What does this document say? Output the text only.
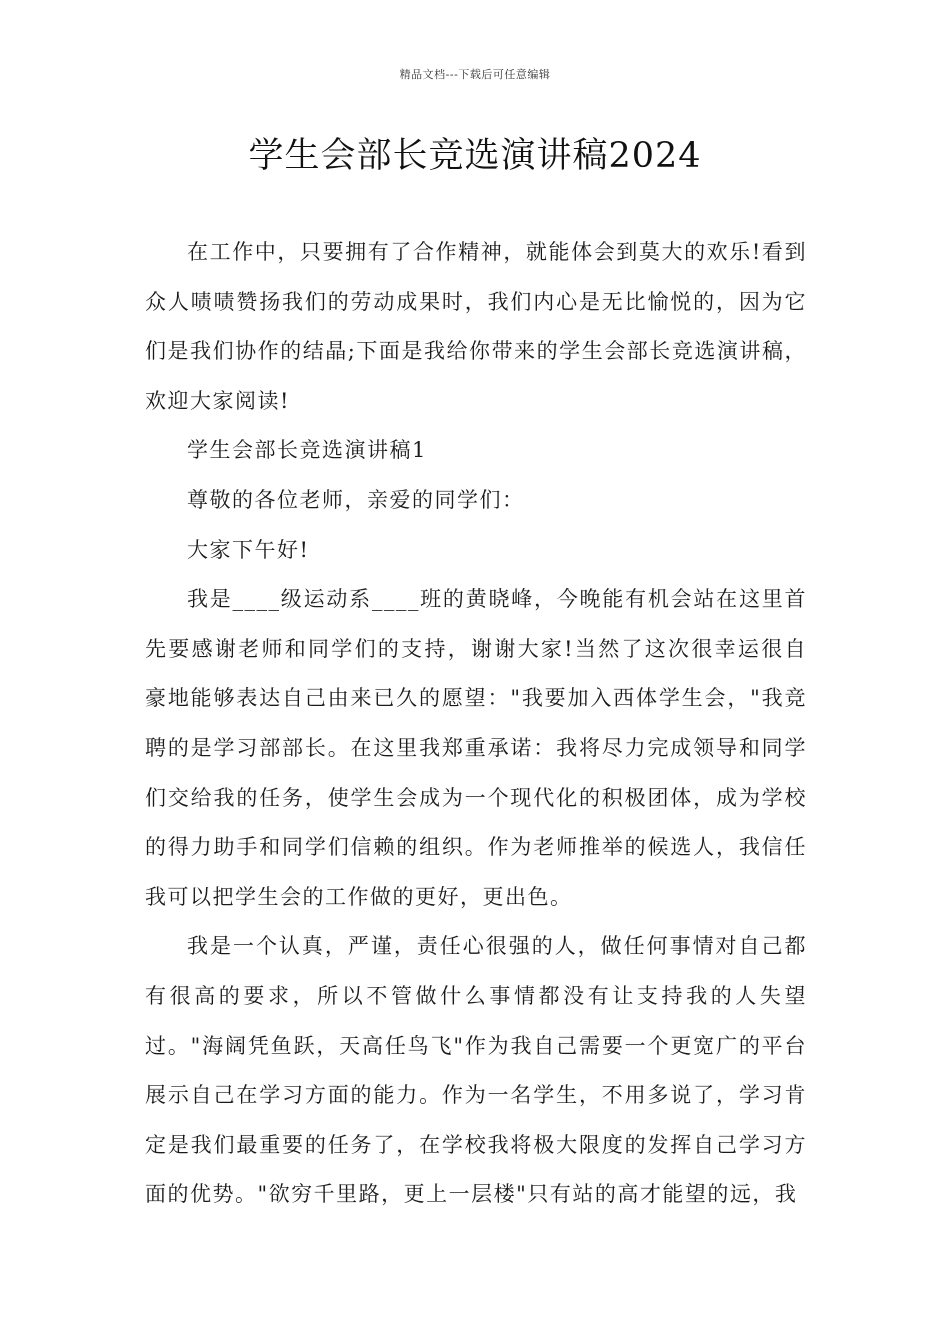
精品文档---下载后可任意编辑
学生会部长竞选演讲稿2024

在工作中，只要拥有了合作精神，就能体会到莫大的欢乐!看到众人啧啧赞扬我们的劳动成果时，我们内心是无比愉悦的，因为它们是我们协作的结晶;下面是我给你带来的学生会部长竞选演讲稿，欢迎大家阅读!

学生会部长竞选演讲稿1

尊敬的各位老师，亲爱的同学们：

大家下午好!

我是____级运动系____班的黄晓峰，今晚能有机会站在这里首先要感谢老师和同学们的支持，谢谢大家!当然了这次很幸运很自豪地能够表达自己由来已久的愿望："我要加入西体学生会，"我竞聘的是学习部部长。在这里我郑重承诺：我将尽力完成领导和同学们交给我的任务，使学生会成为一个现代化的积极团体，成为学校的得力助手和同学们信赖的组织。作为老师推举的候选人，我信任我可以把学生会的工作做的更好，更出色。

我是一个认真，严谨，责任心很强的人，做任何事情对自己都有很高的要求，所以不管做什么事情都没有让支持我的人失望过。"海阔凭鱼跃，天高任鸟飞"作为我自己需要一个更宽广的平台展示自己在学习方面的能力。作为一名学生，不用多说了，学习肯定是我们最重要的任务了，在学校我将极大限度的发挥自己学习方面的优势。"欲穷千里路，更上一层楼"只有站的高才能望的远，我
